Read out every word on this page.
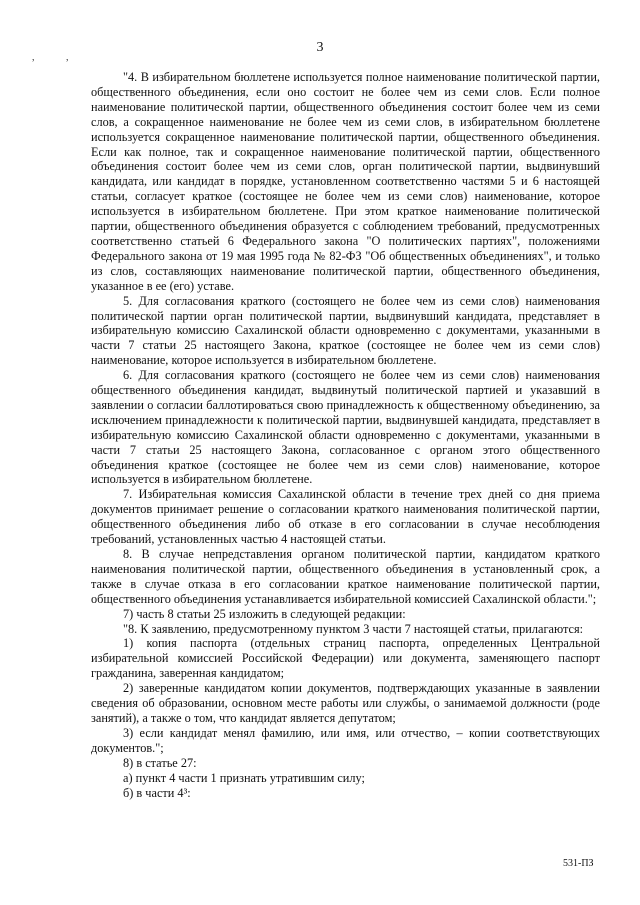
3
,	,

"4. В избирательном бюллетене используется полное наименование политической партии, общественного объединения, если оно состоит не более чем из семи слов. Если полное наименование политической партии, общественного объединения состоит более чем из семи слов, а сокращенное наименование не более чем из семи слов, в избирательном бюллетене используется сокращенное наименование политической партии, общественного объединения. Если как полное, так и сокращенное наименование политической партии, общественного объединения состоит более чем из семи слов, орган политической партии, выдвинувший кандидата, или кандидат в порядке, установленном соответственно частями 5 и 6 настоящей статьи, согласует краткое (состоящее не более чем из семи слов) наименование, которое используется в избирательном бюллетене. При этом краткое наименование политической партии, общественного объединения образуется с соблюдением требований, предусмотренных соответственно статьей 6 Федерального закона "О политических партиях", положениями Федерального закона от 19 мая 1995 года № 82-ФЗ "Об общественных объединениях", и только из слов, составляющих наименование политической партии, общественного объединения, указанное в ее (его) уставе.

5. Для согласования краткого (состоящего не более чем из семи слов) наименования политической партии орган политической партии, выдвинувший кандидата, представляет в избирательную комиссию Сахалинской области одновременно с документами, указанными в части 7 статьи 25 настоящего Закона, краткое (состоящее не более чем из семи слов) наименование, которое используется в избирательном бюллетене.

6. Для согласования краткого (состоящего не более чем из семи слов) наименования общественного объединения кандидат, выдвинутый политической партией и указавший в заявлении о согласии баллотироваться свою принадлежность к общественному объединению, за исключением принадлежности к политической партии, выдвинувшей кандидата, представляет в избирательную комиссию Сахалинской области одновременно с документами, указанными в части 7 статьи 25 настоящего Закона, согласованное с органом этого общественного объединения краткое (состоящее не более чем из семи слов) наименование, которое используется в избирательном бюллетене.

7. Избирательная комиссия Сахалинской области в течение трех дней со дня приема документов принимает решение о согласовании краткого наименования политической партии, общественного объединения либо об отказе в его согласовании в случае несоблюдения требований, установленных частью 4 настоящей статьи.

8. В случае непредставления органом политической партии, кандидатом краткого наименования политической партии, общественного объединения в установленный срок, а также в случае отказа в его согласовании краткое наименование политической партии, общественного объединения устанавливается избирательной комиссией Сахалинской области.";

7) часть 8 статьи 25 изложить в следующей редакции:

"8. К заявлению, предусмотренному пунктом 3 части 7 настоящей статьи, прилагаются:

1) копия паспорта (отдельных страниц паспорта, определенных Центральной избирательной комиссией Российской Федерации) или документа, заменяющего паспорт гражданина, заверенная кандидатом;

2) заверенные кандидатом копии документов, подтверждающих указанные в заявлении сведения об образовании, основном месте работы или службы, о занимаемой должности (роде занятий), а также о том, что кандидат является депутатом;

3) если кандидат менял фамилию, или имя, или отчество, – копии соответствующих документов.";

8) в статье 27:

а) пункт 4 части 1 признать утратившим силу;

б) в части 4³:

531-ПЗ
